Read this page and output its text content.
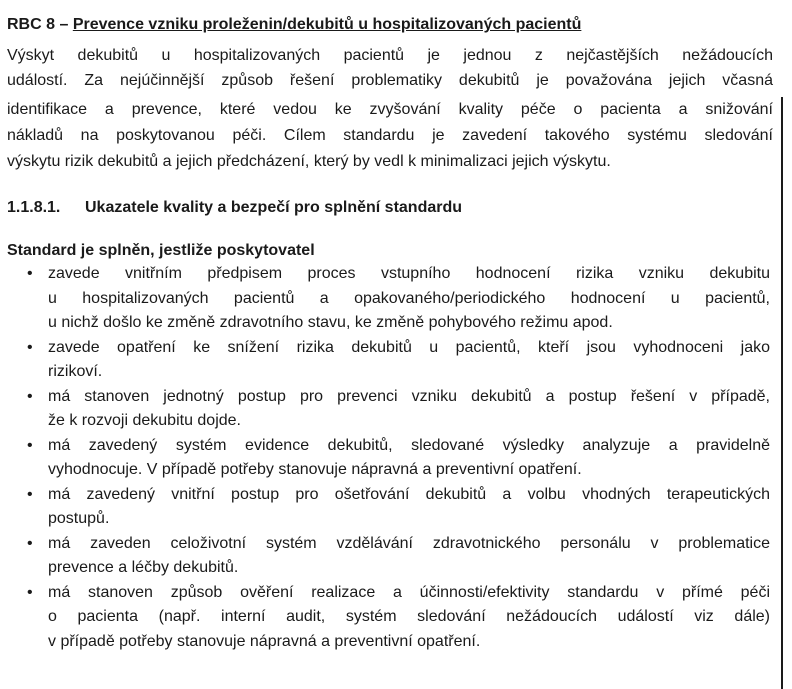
RBC 8 – Prevence vzniku proleženin/dekubitů u hospitalizovaných pacientů
Výskyt dekubitů u hospitalizovaných pacientů je jednou z nejčastějších nežádoucích
událostí. Za nejúčinnější způsob řešení problematiky dekubitů je považována jejich včasná
identifikace a prevence, které vedou ke zvyšování kvality péče o pacienta a snižování
nákladů na poskytovanou péči. Cílem standardu je zavedení takového systému sledování
výskytu rizik dekubitů a jejich předcházení, který by vedl k minimalizaci jejich výskytu.
1.1.8.1. Ukazatele kvality a bezpečí pro splnění standardu
Standard je splněn, jestliže poskytovatel
• zavede vnitřním předpisem proces vstupního hodnocení rizika vzniku dekubitu
u hospitalizovaných pacientů a opakovaného/periodického hodnocení u pacientů,
u nichž došlo ke změně zdravotního stavu, ke změně pohybového režimu apod.
• zavede opatření ke snížení rizika dekubitů u pacientů, kteří jsou vyhodnoceni jako
rizikoví.
• má stanoven jednotný postup pro prevenci vzniku dekubitů a postup řešení v případě,
že k rozvoji dekubitu dojde.
• má zavedený systém evidence dekubitů, sledované výsledky analyzuje a pravidelně
vyhodnocuje. V případě potřeby stanovuje nápravná a preventivní opatření.
• má zavedený vnitřní postup pro ošetřování dekubitů a volbu vhodných terapeutických
postupů.
• má zaveden celoživotní systém vzdělávání zdravotnického personálu v problematice
prevence a léčby dekubitů.
• má stanoven způsob ověření realizace a účinnosti/efektivity standardu v přímé péči
o pacienta (např. interní audit, systém sledování nežádoucích událostí viz dále)
v případě potřeby stanovuje nápravná a preventivní opatření.
